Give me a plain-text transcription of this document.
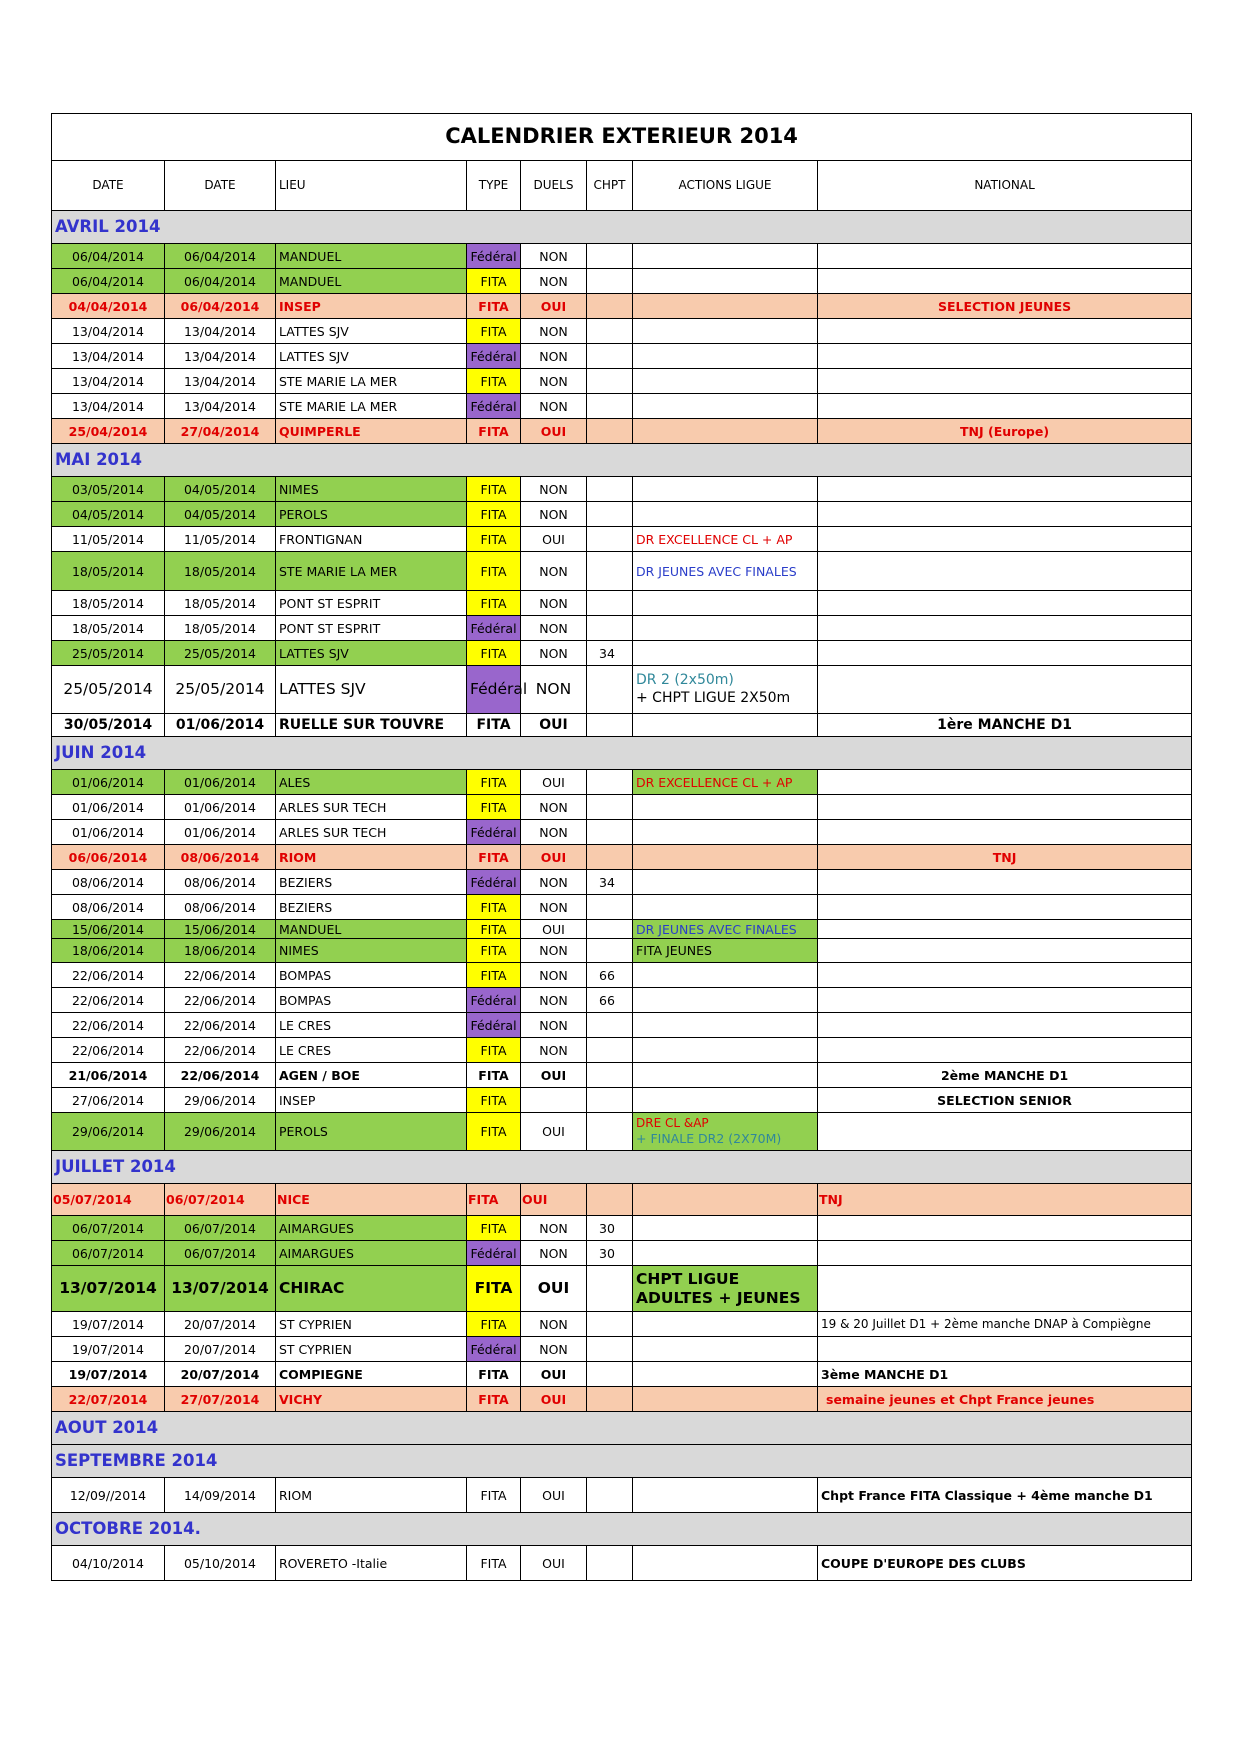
CALENDRIER EXTERIEUR 2014							
DATE	DATE	LIEU	TYPE	DUELS	CHPT	ACTIONS LIGUE	NATIONAL
AVRIL 2014							
06/04/2014	06/04/2014	MANDUEL	Fédéral	NON			
06/04/2014	06/04/2014	MANDUEL	FITA	NON			
04/04/2014	06/04/2014	INSEP	FITA	OUI			SELECTION JEUNES
13/04/2014	13/04/2014	LATTES SJV	FITA	NON			
13/04/2014	13/04/2014	LATTES SJV	Fédéral	NON			
13/04/2014	13/04/2014	STE MARIE LA MER	FITA	NON			
13/04/2014	13/04/2014	STE MARIE LA MER	Fédéral	NON			
25/04/2014	27/04/2014	QUIMPERLE	FITA	OUI			TNJ (Europe)
MAI 2014							
03/05/2014	04/05/2014	NIMES	FITA	NON			
04/05/2014	04/05/2014	PEROLS	FITA	NON			
11/05/2014	11/05/2014	FRONTIGNAN	FITA	OUI		DR EXCELLENCE CL + AP	
18/05/2014	18/05/2014	STE MARIE LA MER	FITA	NON		DR JEUNES AVEC FINALES	
18/05/2014	18/05/2014	PONT ST ESPRIT	FITA	NON			
18/05/2014	18/05/2014	PONT ST ESPRIT	Fédéral	NON			
25/05/2014	25/05/2014	LATTES SJV	FITA	NON	34		
25/05/2014	25/05/2014	LATTES SJV	Fédéral	NON		DR 2 (2x50m)
+ CHPT LIGUE 2X50m	

30/05/2014	01/06/2014	RUELLE SUR TOUVRE	FITA	OUI			1ère MANCHE D1
JUIN 2014							
01/06/2014	01/06/2014	ALES	FITA	OUI		DR EXCELLENCE CL + AP	
01/06/2014	01/06/2014	ARLES SUR TECH	FITA	NON			
01/06/2014	01/06/2014	ARLES SUR TECH	Fédéral	NON			
06/06/2014	08/06/2014	RIOM	FITA	OUI			TNJ
08/06/2014	08/06/2014	BEZIERS	Fédéral	NON	34		
08/06/2014	08/06/2014	BEZIERS	FITA	NON			
15/06/2014	15/06/2014	MANDUEL	FITA	OUI		DR JEUNES AVEC FINALES	
18/06/2014	18/06/2014	NIMES	FITA	NON		FITA JEUNES	
22/06/2014	22/06/2014	BOMPAS	FITA	NON	66		
22/06/2014	22/06/2014	BOMPAS	Fédéral	NON	66		
22/06/2014	22/06/2014	LE CRES	Fédéral	NON			
22/06/2014	22/06/2014	LE CRES	FITA	NON			
21/06/2014	22/06/2014	AGEN / BOE	FITA	OUI			2ème MANCHE D1
27/06/2014	29/06/2014	INSEP	FITA				SELECTION SENIOR
29/06/2014	29/06/2014	PEROLS	FITA	OUI		DRE CL &AP
+ FINALE DR2 (2X70M)	

JUILLET 2014							
05/07/2014	06/07/2014	NICE	FITA	OUI			TNJ
06/07/2014	06/07/2014	AIMARGUES	FITA	NON	30		
06/07/2014	06/07/2014	AIMARGUES	Fédéral	NON	30		
13/07/2014	13/07/2014	CHIRAC	FITA	OUI		CHPT LIGUE ADULTES + JEUNES	
19/07/2014	20/07/2014	ST CYPRIEN	FITA	NON			19 & 20 Juillet D1 + 2ème manche DNAP à Compiègne
19/07/2014	20/07/2014	ST CYPRIEN	Fédéral	NON			
19/07/2014	20/07/2014	COMPIEGNE	FITA	OUI			3ème MANCHE D1
22/07/2014	27/07/2014	VICHY	FITA	OUI			semaine jeunes et Chpt France jeunes
AOUT 2014							
SEPTEMBRE 2014							
12/09//2014	14/09/2014	RIOM	FITA	OUI			Chpt France FITA Classique + 4ème manche D1
OCTOBRE 2014.							
04/10/2014	05/10/2014	ROVERETO -Italie	FITA	OUI			COUPE D'EUROPE DES CLUBS
